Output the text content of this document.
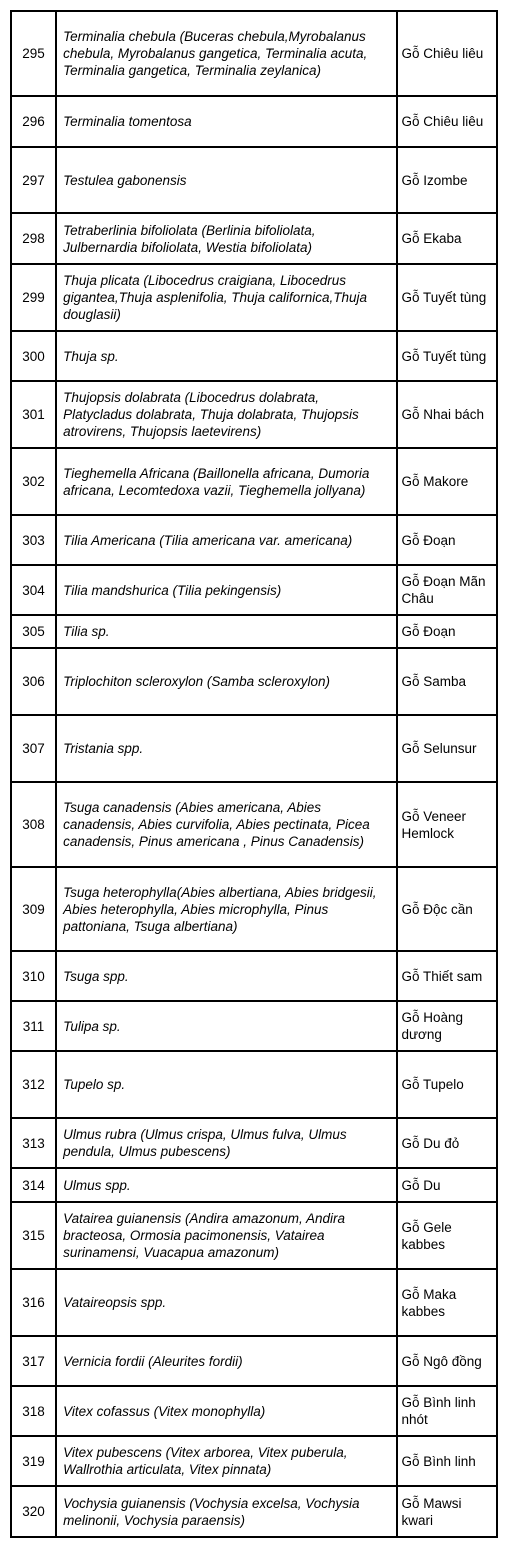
295	Terminalia chebula (Buceras chebula,Myrobalanus chebula, Myrobalanus gangetica, Terminalia acuta, Terminalia gangetica, Terminalia zeylanica)	Gỗ Chiêu liêu
296	Terminalia tomentosa	Gỗ Chiêu liêu
297	Testulea gabonensis	Gỗ Izombe
298	Tetraberlinia bifoliolata (Berlinia bifoliolata, Julbernardia bifoliolata, Westia bifoliolata)	Gỗ Ekaba
299	Thuja plicata (Libocedrus craigiana, Libocedrus gigantea,Thuja asplenifolia, Thuja californica,Thuja douglasii)	Gỗ Tuyết tùng
300	Thuja sp.	Gỗ Tuyết tùng
301	Thujopsis dolabrata (Libocedrus dolabrata, Platycladus dolabrata, Thuja dolabrata, Thujopsis atrovirens, Thujopsis laetevirens)	Gỗ Nhai bách
302	Tieghemella Africana (Baillonella africana, Dumoria africana, Lecomtedoxa vazii, Tieghemella jollyana)	Gỗ Makore
303	Tilia Americana (Tilia americana var. americana)	Gỗ Đoạn
304	Tilia mandshurica (Tilia pekingensis)	Gỗ Đoạn Mãn Châu
305	Tilia sp.	Gỗ Đoạn
306	Triplochiton scleroxylon (Samba scleroxylon)	Gỗ Samba
307	Tristania spp.	Gỗ Selunsur
308	Tsuga canadensis (Abies americana, Abies canadensis, Abies curvifolia, Abies pectinata, Picea canadensis, Pinus americana , Pinus Canadensis)	Gỗ Veneer Hemlock
309	Tsuga heterophylla(Abies albertiana, Abies bridgesii, Abies heterophylla, Abies microphylla, Pinus pattoniana, Tsuga albertiana)	Gỗ Độc cần
310	Tsuga spp.	Gỗ Thiết sam
311	Tulipa sp.	Gỗ Hoàng dương
312	Tupelo sp.	Gỗ Tupelo
313	Ulmus rubra (Ulmus crispa, Ulmus fulva, Ulmus pendula, Ulmus pubescens)	Gỗ Du đỏ
314	Ulmus spp.	Gỗ Du
315	Vatairea guianensis (Andira amazonum, Andira bracteosa, Ormosia pacimonensis, Vatairea surinamensi, Vuacapua amazonum)	Gỗ Gele kabbes
316	Vataireopsis spp.	Gỗ Maka kabbes
317	Vernicia fordii (Aleurites fordii)	Gỗ Ngô đồng
318	Vitex cofassus (Vitex monophylla)	Gỗ Bình linh nhót
319	Vitex pubescens (Vitex arborea, Vitex puberula, Wallrothia articulata, Vitex pinnata)	Gỗ Bình linh
320	Vochysia guianensis (Vochysia excelsa, Vochysia melinonii, Vochysia paraensis)	Gỗ Mawsi kwari
